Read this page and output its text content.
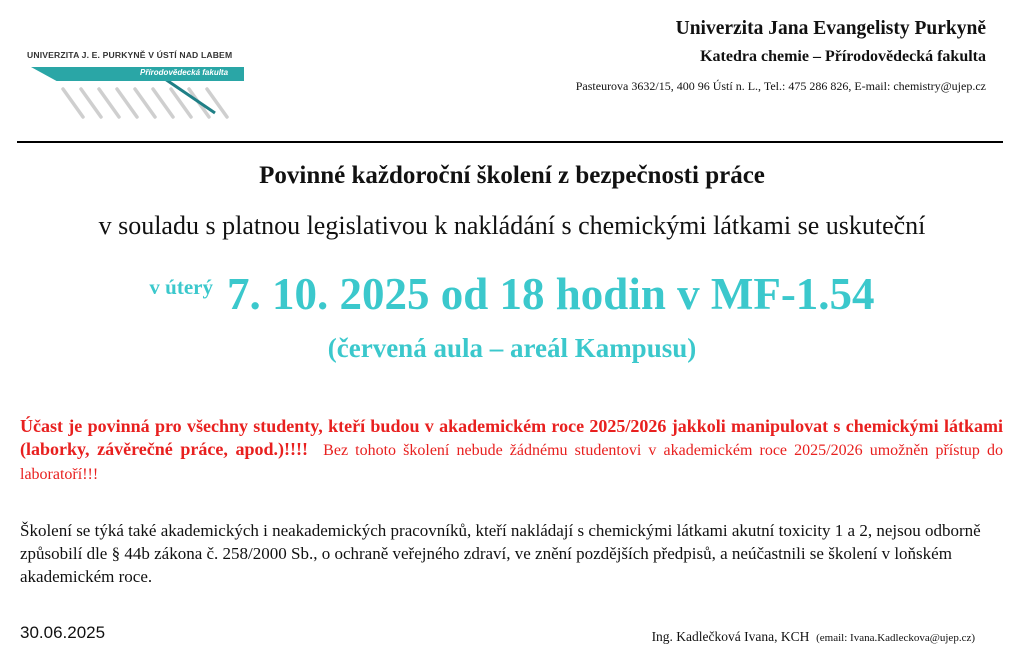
UNIVERZITA J. E. PURKYNĚ V ÚSTÍ NAD LABEM
Přírodovědecká fakulta
Univerzita Jana Evangelisty Purkyně
Katedra chemie – Přírodovědecká fakulta
Pasteurova 3632/15, 400 96 Ústí n. L., Tel.: 475 286 826, E-mail: chemistry@ujep.cz
Povinné každoroční školení z bezpečnosti práce
v souladu s platnou legislativou k nakládání s chemickými látkami se uskuteční
v úterý 7. 10. 2025 od 18 hodin v MF-1.54
(červená aula – areál Kampusu)
Účast je povinná pro všechny studenty, kteří budou v akademickém roce 2025/2026 jakkoli manipulovat s chemickými látkami (laborky, závěrečné práce, apod.)!!!! Bez tohoto školení nebude žádnému studentovi v akademickém roce 2025/2026 umožněn přístup do laboratoří!!!
Školení se týká také akademických i neakademických pracovníků, kteří nakládají s chemickými látkami akutní toxicity 1 a 2, nejsou odborně způsobilí dle § 44b zákona č. 258/2000 Sb., o ochraně veřejného zdraví, ve znění pozdějších předpisů, a neúčastnili se školení v loňském akademickém roce.
30.06.2025	Ing. Kadlečková Ivana, KCH (email: Ivana.Kadleckova@ujep.cz)
